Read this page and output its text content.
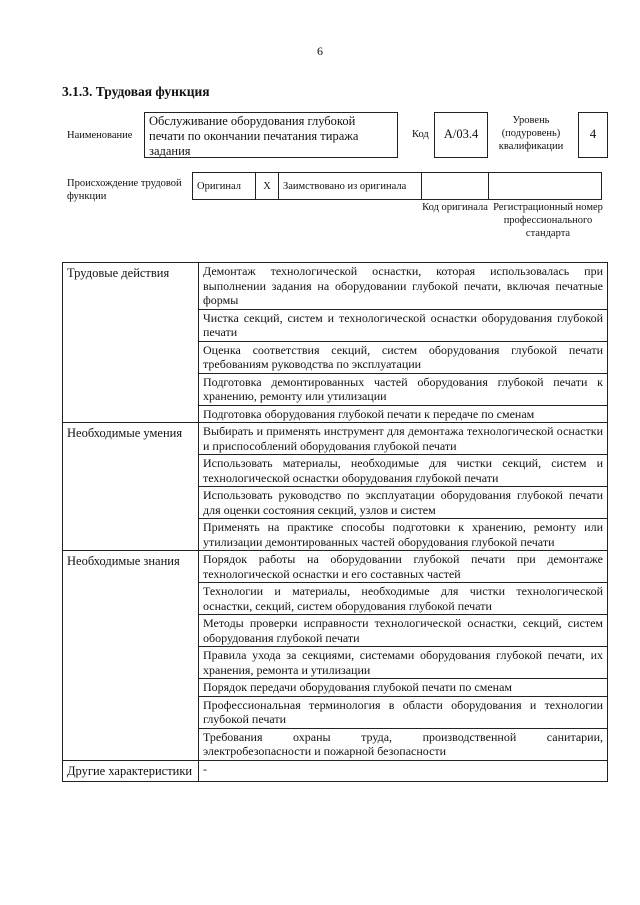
6
3.1.3. Трудовая функция
Наименование
Обслуживание оборудования глубокой печати по окончании печатания тиража задания
Код	А/03.4
Уровень (подуровень) квалификации
4
Происхождение трудовой функции
Оригинал	X	Заимствовано из оригинала		
Код оригинала Регистрационный номер профессионального стандарта
Трудовые действия	Демонтаж технологической оснастки, которая использовалась при выполнении задания на оборудовании глубокой печати, включая печатные формы
	Чистка секций, систем и технологической оснастки оборудования глубокой печати
	Оценка соответствия секций, систем оборудования глубокой печати требованиям руководства по эксплуатации
	Подготовка демонтированных частей оборудования глубокой печати к хранению, ремонту или утилизации
	Подготовка оборудования глубокой печати к передаче по сменам
Необходимые умения	Выбирать и применять инструмент для демонтажа технологической оснастки и приспособлений оборудования глубокой печати
	Использовать материалы, необходимые для чистки секций, систем и технологической оснастки оборудования глубокой печати
	Использовать руководство по эксплуатации оборудования глубокой печати для оценки состояния секций, узлов и систем
	Применять на практике способы подготовки к хранению, ремонту или утилизации демонтированных частей оборудования глубокой печати
Необходимые знания	Порядок работы на оборудовании глубокой печати при демонтаже технологической оснастки и его составных частей
	Технологии и материалы, необходимые для чистки технологической оснастки, секций, систем оборудования глубокой печати
	Методы проверки исправности технологической оснастки, секций, систем оборудования глубокой печати
	Правила ухода за секциями, системами оборудования глубокой печати, их хранения, ремонта и утилизации
	Порядок передачи оборудования глубокой печати по сменам
	Профессиональная терминология в области оборудования и технологии глубокой печати
	Требования охраны труда, производственной санитарии, электробезопасности и пожарной безопасности
Другие характеристики	-
